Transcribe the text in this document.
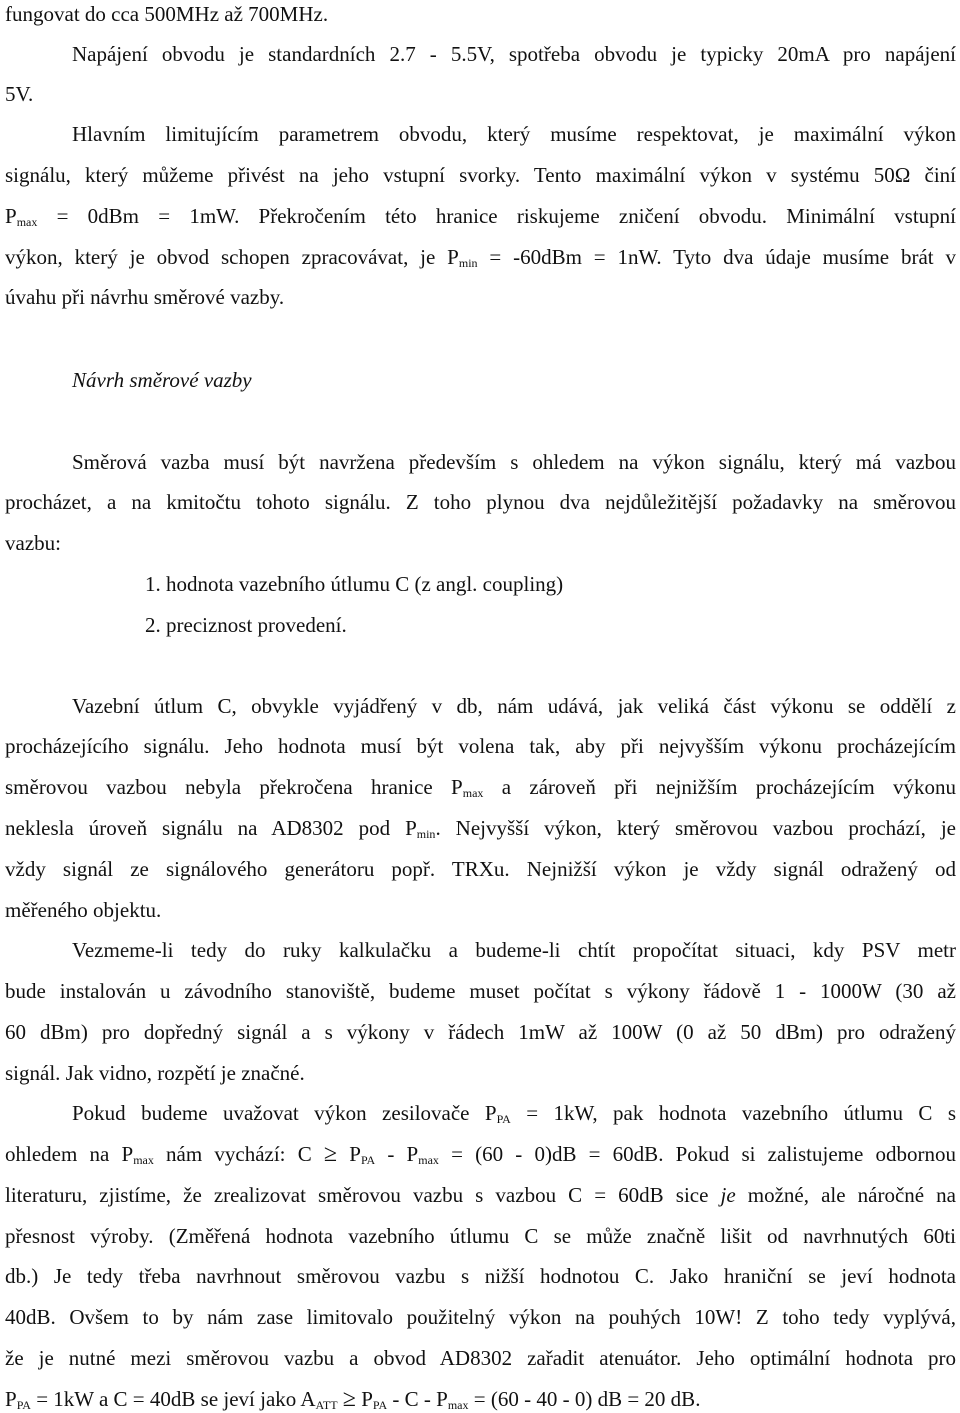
fungovat do cca 500MHz až 700MHz.
Napájení obvodu je standardních 2.7 - 5.5V, spotřeba obvodu je typicky 20mA pro napájení
5V.
Hlavním limitujícím parametrem obvodu, který musíme respektovat, je maximální výkon
signálu, který můžeme přivést na jeho vstupní svorky. Tento maximální výkon v systému 50Ω činí
$P_{max} = 0dBm = 1mW$. Překročením této hranice riskujeme zničení obvodu. Minimální vstupní
výkon, který je obvod schopen zpracovávat, je $P_{min} = -60dBm = 1nW$. Tyto dva údaje musíme brát v
úvahu při návrhu směrové vazby.
Návrh směrové vazby
Směrová vazba musí být navržena především s ohledem na výkon signálu, který má vazbou
procházet, a na kmitočtu tohoto signálu. Z toho plynou dva nejdůležitější požadavky na směrovou
vazbu:
1. hodnota vazebního útlumu C (z angl. coupling)
2. preciznost provedení.
Vazební útlum C, obvykle vyjádřený v db, nám udává, jak veliká část výkonu se oddělí z
procházejícího signálu. Jeho hodnota musí být volena tak, aby při nejvyšším výkonu procházejícím
směrovou vazbou nebyla překročena hranice $P_{max}$ a zároveň při nejnižším procházejícím výkonu
neklesla úroveň signálu na AD8302 pod $P_{min}$. Nejvyšší výkon, který směrovou vazbou prochází, je
vždy signál ze signálového generátoru popř. TRXu. Nejnižší výkon je vždy signál odražený od
měřeného objektu.
Vezmeme-li tedy do ruky kalkulačku a budeme-li chtít propočítat situaci, kdy PSV metr
bude instalován u závodního stanoviště, budeme muset počítat s výkony řádově 1 - 1000W (30 až
60 dBm) pro dopředný signál a s výkony v řádech 1mW až 100W (0 až 50 dBm) pro odražený
signál. Jak vidno, rozpětí je značné.
Pokud budeme uvažovat výkon zesilovače $P_{PA} = 1kW$, pak hodnota vazebního útlumu C s
ohledem na $P_{max}$ nám vychází: $C \ge P_{PA} - P_{max} = (60 - 0)dB = 60dB$. Pokud si zalistujeme odbornou
literaturu, zjistíme, že zrealizovat směrovou vazbu s vazbou C = 60dB sice je možné, ale náročné na
přesnost výroby. (Změřená hodnota vazebního útlumu C se může značně lišit od navrhnutých 60ti
db.) Je tedy třeba navrhnout směrovou vazbu s nižší hodnotou C. Jako hraniční se jeví hodnota
40dB. Ovšem to by nám zase limitovalo použitelný výkon na pouhých 10W! Z toho tedy vyplývá,
že je nutné mezi směrovou vazbu a obvod AD8302 zařadit atenuátor. Jeho optimální hodnota pro
$P_{PA} = 1kW$ a C = 40dB se jeví jako $A_{ATT} \ge P_{PA} - C - P_{max} = (60 - 40 - 0)$ dB = 20 dB.
